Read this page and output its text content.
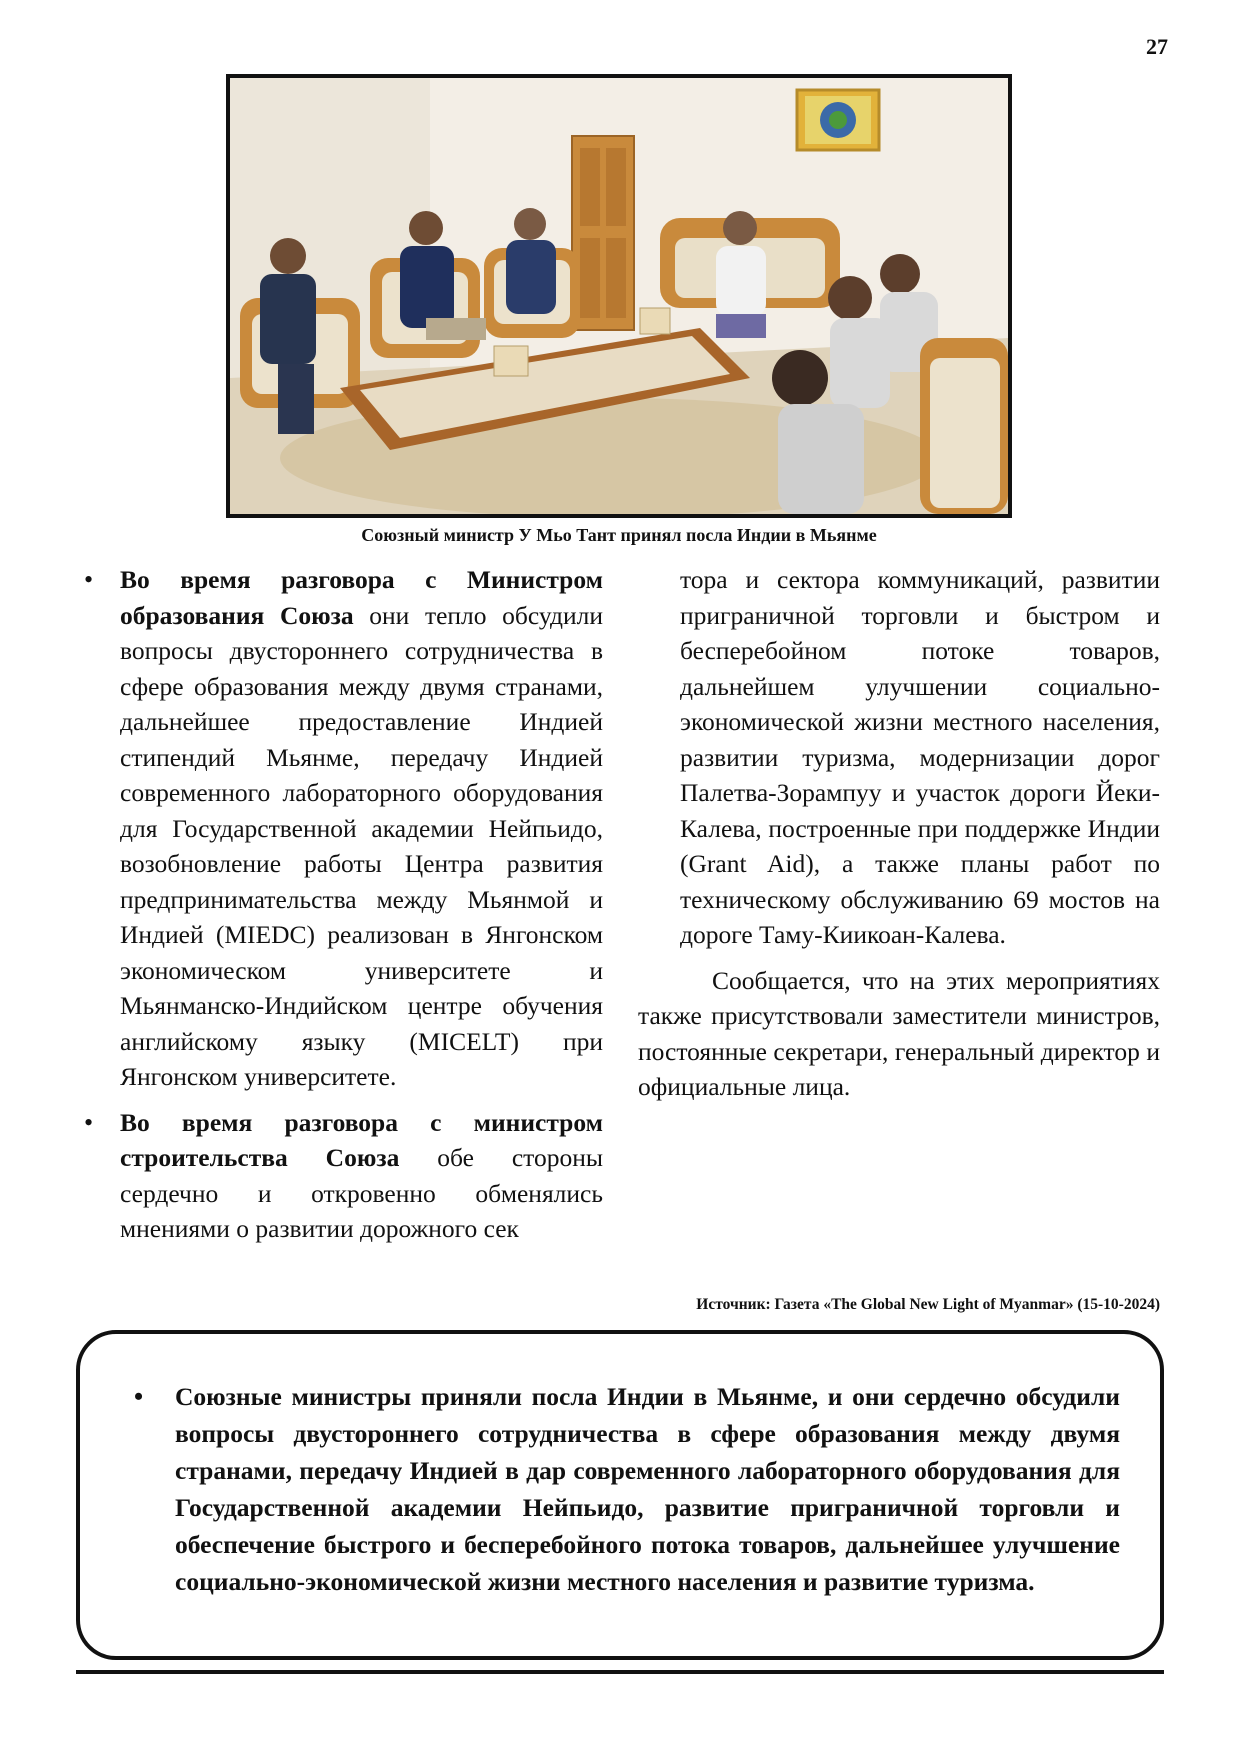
27
Союзный министр У Мьо Тант принял посла Индии в Мьянме
• Во время разговора с Министром образования Союза они тепло обсудили вопросы двустороннего сотрудничества в сфере образования между двумя странами, дальнейшее предоставление Индией стипендий Мьянме, передачу Индией современного лабораторного оборудования для Государственной академии Нейпьидо, возобновление работы Центра развития предпринимательства между Мьянмой и Индией (MIEDC) реализован в Янгонском экономическом университете и Мьянманско-Индийском центре обучения английскому языку (MICELT) при Янгонском университете.
• Во время разговора с министром строительства Союза обе стороны сердечно и откровенно обменялись мнениями о развитии дорожного сек

тора и сектора коммуникаций, развитии приграничной торговли и быстром и бесперебойном потоке товаров, дальнейшем улучшении социально-экономической жизни местного населения, развитии туризма, модернизации дорог Палетва-Зорампуу и участок дороги Йеки-Калева, построенные при поддержке Индии (Grant Aid), а также планы работ по техническому обслуживанию 69 мостов на дороге Таму-Киикоан-Калева.

Сообщается, что на этих мероприятиях также присутствовали заместители министров, постоянные секретари, генеральный директор и официальные лица.

Источник: Газета «The Global New Light of Myanmar» (15-10-2024)
• Союзные министры приняли посла Индии в Мьянме, и они сердечно обсудили вопросы двустороннего сотрудничества в сфере образования между двумя странами, передачу Индией в дар современного лабораторного оборудования для Государственной академии Нейпьидо, развитие приграничной торговли и обеспечение быстрого и бесперебойного потока товаров, дальнейшее улучшение социально-экономической жизни местного населения и развитие туризма.
